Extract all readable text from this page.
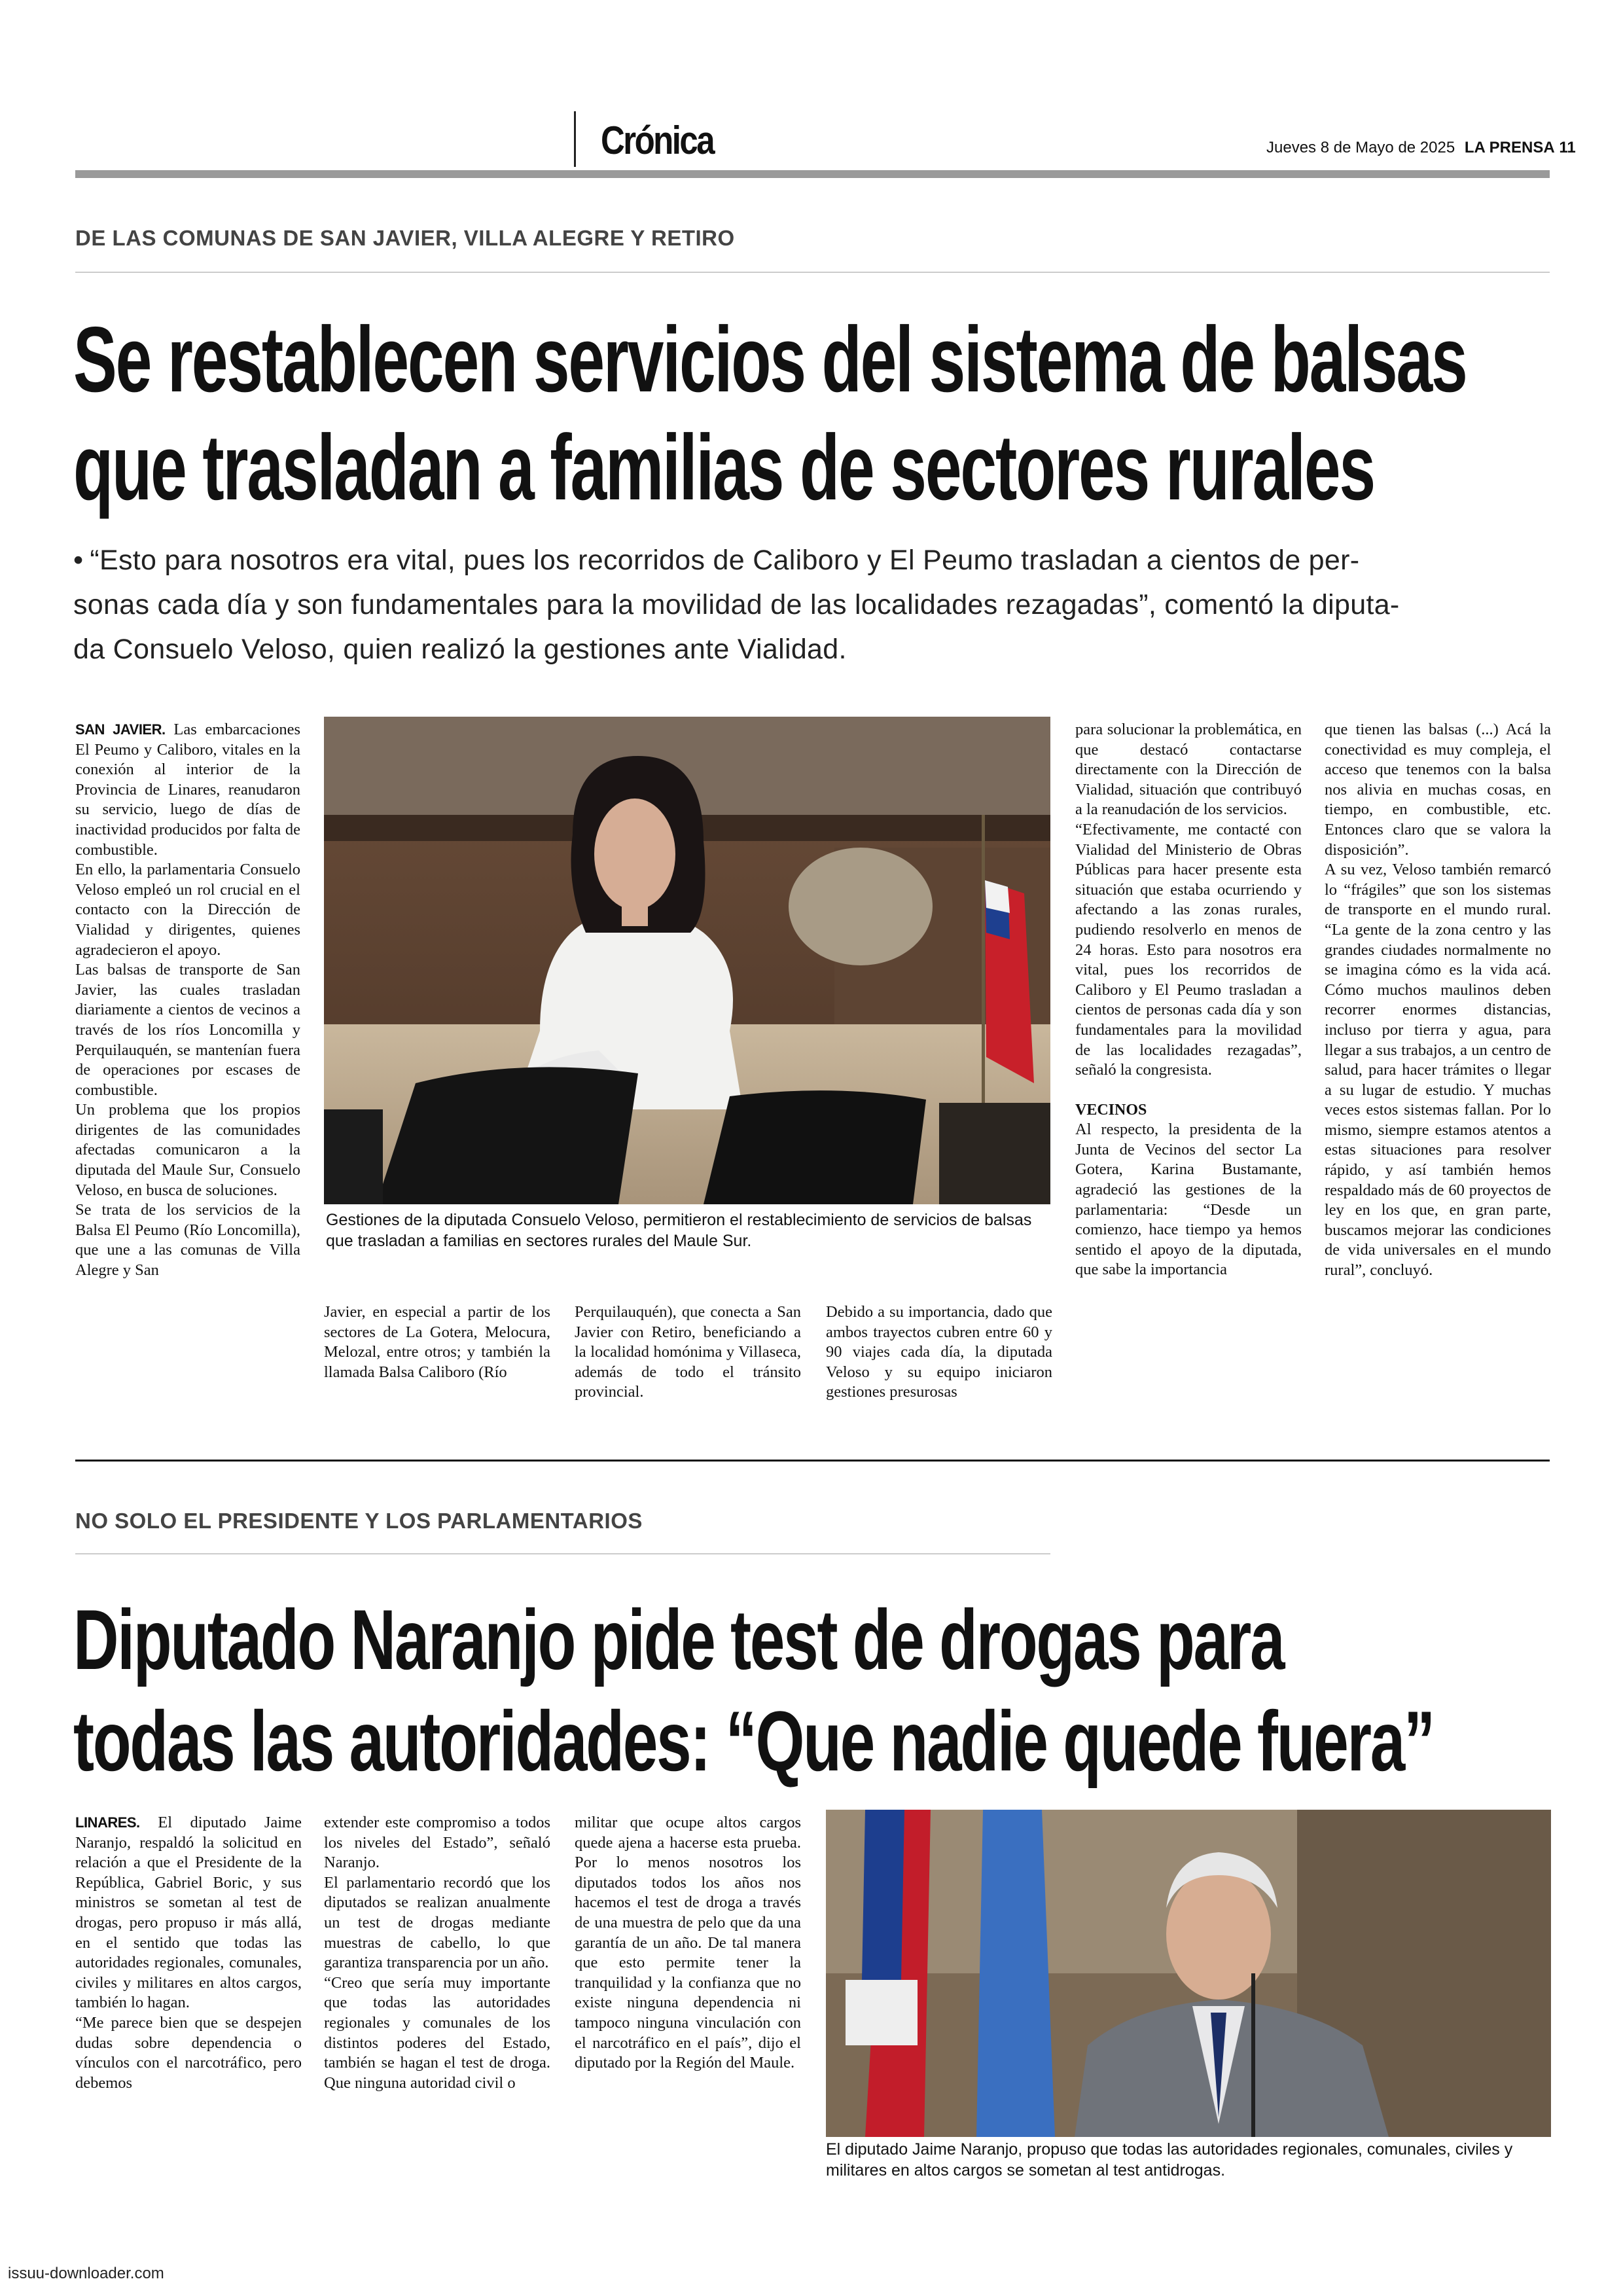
Crónica	Jueves 8 de Mayo de 2025 LA PRENSA 11
DE LAS COMUNAS DE SAN JAVIER, VILLA ALEGRE Y RETIRO
Se restablecen servicios del sistema de balsas
que trasladan a familias de sectores rurales
• “Esto para nosotros era vital, pues los recorridos de Caliboro y El Peumo trasladan a cientos de per-
sonas cada día y son fundamentales para la movilidad de las localidades rezagadas”, comentó la diputa-
da Consuelo Veloso, quien realizó la gestiones ante Vialidad.

SAN JAVIER. Las embarcaciones El Peumo y Caliboro, vitales en la conexión al interior de la Provincia de Linares, reanudaron su servicio, luego de días de inactividad producidos por falta de combustible.

En ello, la parlamentaria Consuelo Veloso empleó un rol crucial en el contacto con la Dirección de Vialidad y dirigentes, quienes agradecieron el apoyo.

Las balsas de transporte de San Javier, las cuales trasladan diariamente a cientos de vecinos a través de los ríos Loncomilla y Perquilauquén, se mantenían fuera de operaciones por escases de combustible.

Un problema que los propios dirigentes de las comunidades afectadas comunicaron a la diputada del Maule Sur, Consuelo Veloso, en busca de soluciones.

Se trata de los servicios de la Balsa El Peumo (Río Loncomilla), que une a las comunas de Villa Alegre y San

Gestiones de la diputada Consuelo Veloso, permitieron el restablecimiento de servicios de balsas que trasladan a familias en sectores rurales del Maule Sur.
Javier, en especial a partir de los sectores de La Gotera, Melocura, Melozal, entre otros; y también la llamada Balsa Caliboro (Río
Perquilauquén), que conecta a San Javier con Retiro, beneficiando a la localidad homónima y Villaseca, además de todo el tránsito provincial.
Debido a su importancia, dado que ambos trayectos cubren entre 60 y 90 viajes cada día, la diputada Veloso y su equipo iniciaron gestiones presurosas

para solucionar la problemática, en que destacó contactarse directamente con la Dirección de Vialidad, situación que contribuyó a la reanudación de los servicios.

“Efectivamente, me contacté con Vialidad del Ministerio de Obras Públicas para hacer presente esta situación que estaba ocurriendo y afectando a las zonas rurales, pudiendo resolverlo en menos de 24 horas. Esto para nosotros era vital, pues los recorridos de Caliboro y El Peumo trasladan a cientos de personas cada día y son fundamentales para la movilidad de las localidades rezagadas”, señaló la congresista.

VECINOS

Al respecto, la presidenta de la Junta de Vecinos del sector La Gotera, Karina Bustamante, agradeció las gestiones de la parlamentaria: “Desde un comienzo, hace tiempo ya hemos sentido el apoyo de la diputada, que sabe la importancia

que tienen las balsas (...) Acá la conectividad es muy compleja, el acceso que tenemos con la balsa nos alivia en muchas cosas, en tiempo, en combustible, etc. Entonces claro que se valora la disposición”.

A su vez, Veloso también remarcó lo “frágiles” que son los sistemas de transporte en el mundo rural. “La gente de la zona centro y las grandes ciudades normalmente no se imagina cómo es la vida acá. Cómo muchos maulinos deben recorrer enormes distancias, incluso por tierra y agua, para llegar a sus trabajos, a un centro de salud, para hacer trámites o llegar a su lugar de estudio. Y muchas veces estos sistemas fallan. Por lo mismo, siempre estamos atentos a estas situaciones para resolver rápido, y así también hemos respaldado más de 60 proyectos de ley en los que, en gran parte, buscamos mejorar las condiciones de vida universales en el mundo rural”, concluyó.

NO SOLO EL PRESIDENTE Y LOS PARLAMENTARIOS
Diputado Naranjo pide test de drogas para
todas las autoridades: “Que nadie quede fuera”

LINARES. El diputado Jaime Naranjo, respaldó la solicitud en relación a que el Presidente de la República, Gabriel Boric, y sus ministros se sometan al test de drogas, pero propuso ir más allá, en el sentido que todas las autoridades regionales, comunales, civiles y militares en altos cargos, también lo hagan.

“Me parece bien que se despejen dudas sobre dependencia o vínculos con el narcotráfico, pero debemos

extender este compromiso a todos los niveles del Estado”, señaló Naranjo.

El parlamentario recordó que los diputados se realizan anualmente un test de drogas mediante muestras de cabello, lo que garantiza transparencia por un año.

“Creo que sería muy importante que todas las autoridades regionales y comunales de los distintos poderes del Estado, también se hagan el test de droga. Que ninguna autoridad civil o

militar que ocupe altos cargos quede ajena a hacerse esta prueba. Por lo menos nosotros los diputados todos los años nos hacemos el test de droga a través de una muestra de pelo que da una garantía de un año. De tal manera que esto permite tener la tranquilidad y la confianza que no existe ninguna dependencia ni tampoco ninguna vinculación con el narcotráfico en el país”, dijo el diputado por la Región del Maule.
El diputado Jaime Naranjo, propuso que todas las autoridades regionales, comunales, civiles y militares en altos cargos se sometan al test antidrogas.
issuu-downloader.com
